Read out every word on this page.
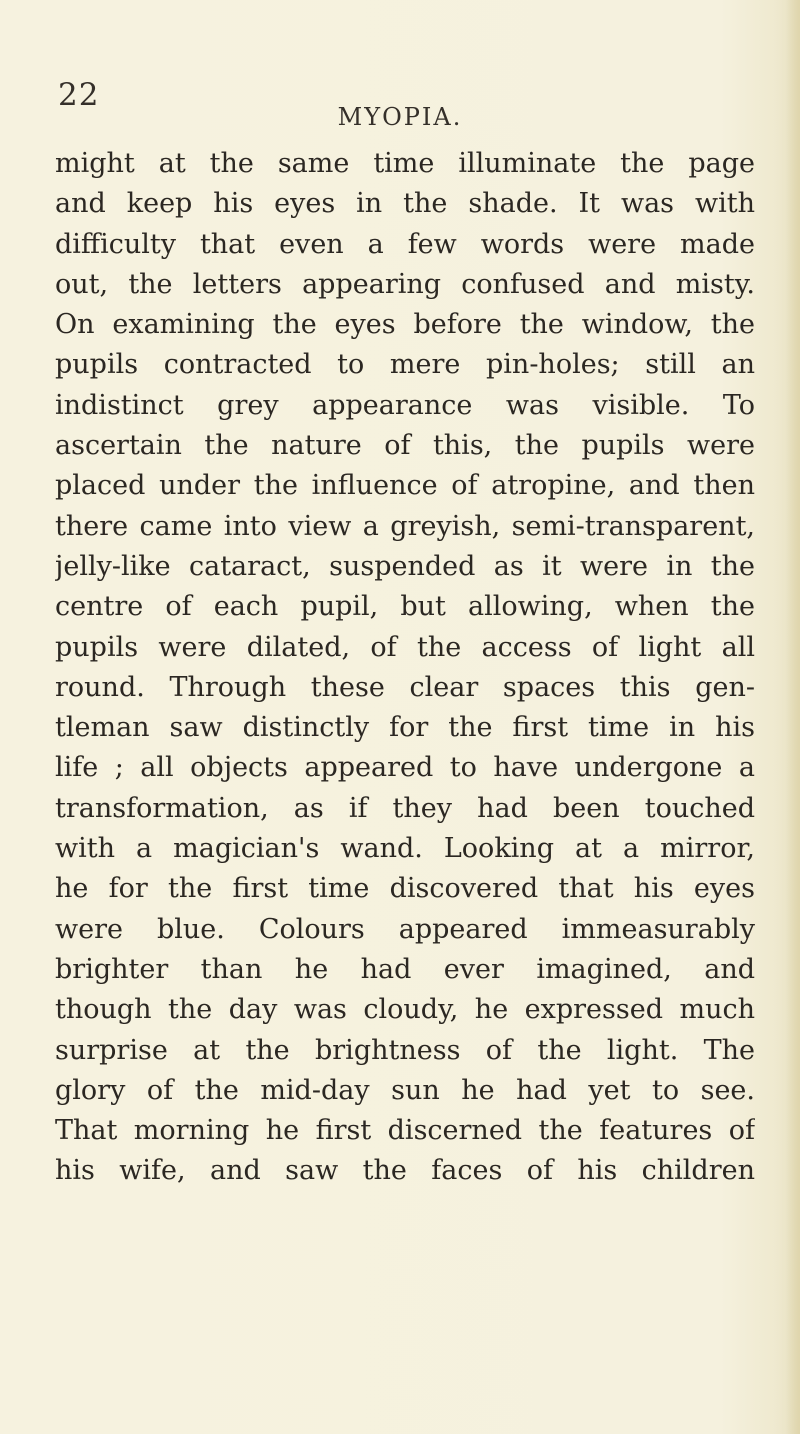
22
MYOPIA.
might at the same time illuminate the page
and keep his eyes in the shade. It was with
difficulty that even a few words were made
out, the letters appearing confused and misty.
On examining the eyes before the window, the
pupils contracted to mere pin-holes; still an
indistinct grey appearance was visible. To
ascertain the nature of this, the pupils were
placed under the influence of atropine, and then
there came into view a greyish, semi-transparent,
jelly-like cataract, suspended as it were in the
centre of each pupil, but allowing, when the
pupils were dilated, of the access of light all
round. Through these clear spaces this gen-
tleman saw distinctly for the first time in his
life ; all objects appeared to have undergone a
transformation, as if they had been touched
with a magician's wand. Looking at a mirror,
he for the first time discovered that his eyes
were blue. Colours appeared immeasurably
brighter than he had ever imagined, and
though the day was cloudy, he expressed much
surprise at the brightness of the light. The
glory of the mid-day sun he had yet to see.
That morning he first discerned the features of
his wife, and saw the faces of his children
